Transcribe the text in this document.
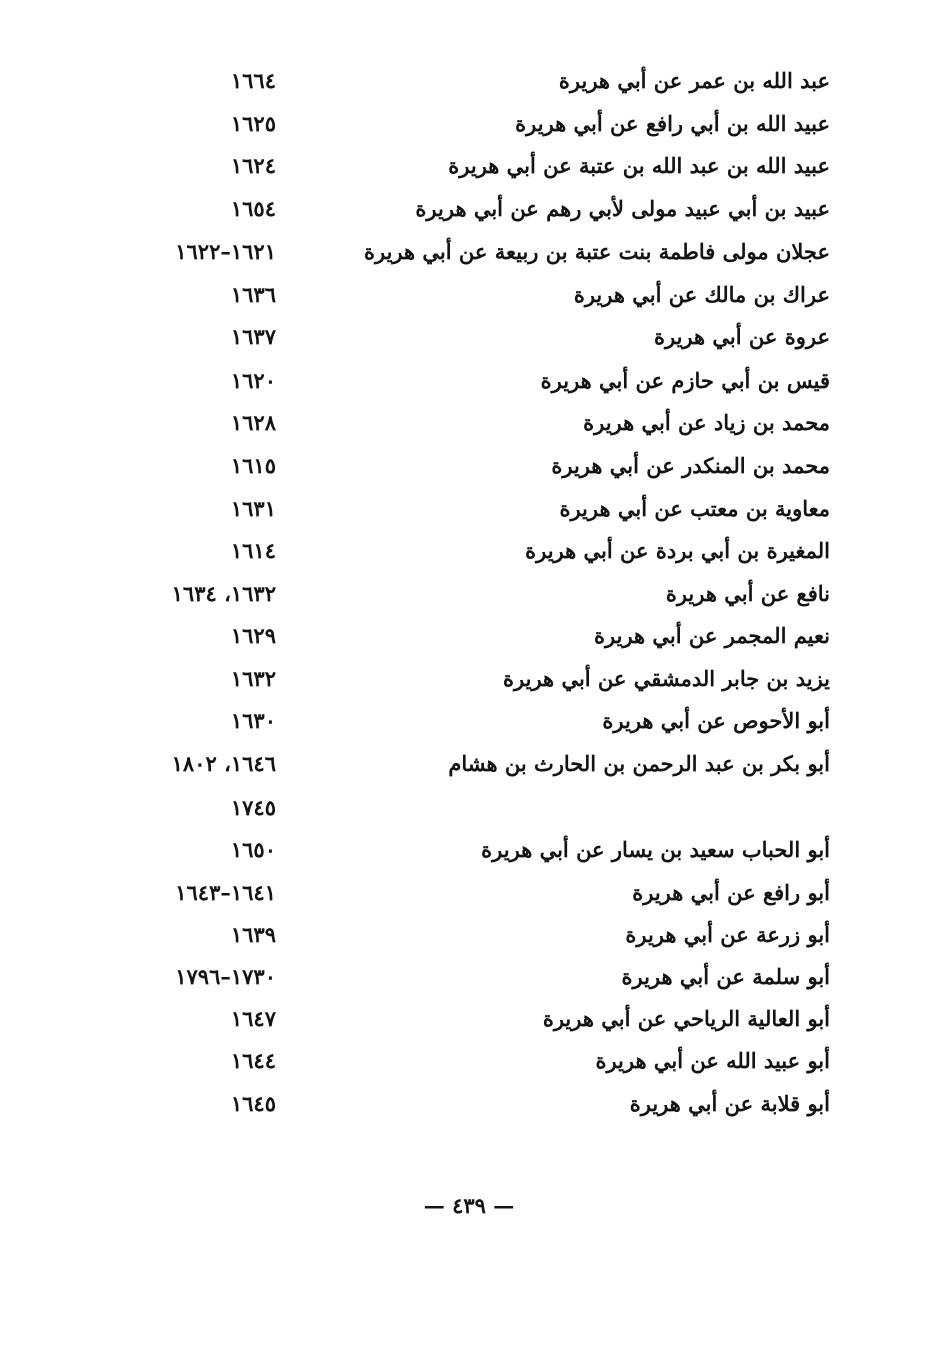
عبد الله بن عمر عن أبي هريرة
١٦٦٤
عبيد الله بن أبي رافع عن أبي هريرة
١٦٢٥
عبيد الله بن عبد الله بن عتبة عن أبي هريرة
١٦٢٤
عبيد بن أبي عبيد مولى لأبي رهم عن أبي هريرة
١٦٥٤
عجلان مولى فاطمة بنت عتبة بن ربيعة عن أبي هريرة
١٦٢١–١٦٢٢
عراك بن مالك عن أبي هريرة
١٦٣٦
عروة عن أبي هريرة
١٦٣٧
قيس بن أبي حازم عن أبي هريرة
١٦٢٠
محمد بن زياد عن أبي هريرة
١٦٢٨
محمد بن المنكدر عن أبي هريرة
١٦١٥
معاوية بن معتب عن أبي هريرة
١٦٣١
المغيرة بن أبي بردة عن أبي هريرة
١٦١٤
نافع عن أبي هريرة
١٦٣٢، ١٦٣٤
نعيم المجمر عن أبي هريرة
١٦٢٩
يزيد بن جابر الدمشقي عن أبي هريرة
١٦٣٢
أبو الأحوص عن أبي هريرة
١٦٣٠
أبو بكر بن عبد الرحمن بن الحارث بن هشام
١٦٤٦، ١٨٠٢
١٧٤٥
أبو الحباب سعيد بن يسار عن أبي هريرة
١٦٥٠
أبو رافع عن أبي هريرة
١٦٤١–١٦٤٣
أبو زرعة عن أبي هريرة
١٦٣٩
أبو سلمة عن أبي هريرة
١٧٣٠–١٧٩٦
أبو العالية الرياحي عن أبي هريرة
١٦٤٧
أبو عبيد الله عن أبي هريرة
١٦٤٤
أبو قلابة عن أبي هريرة
١٦٤٥
— ٤٣٩ —
